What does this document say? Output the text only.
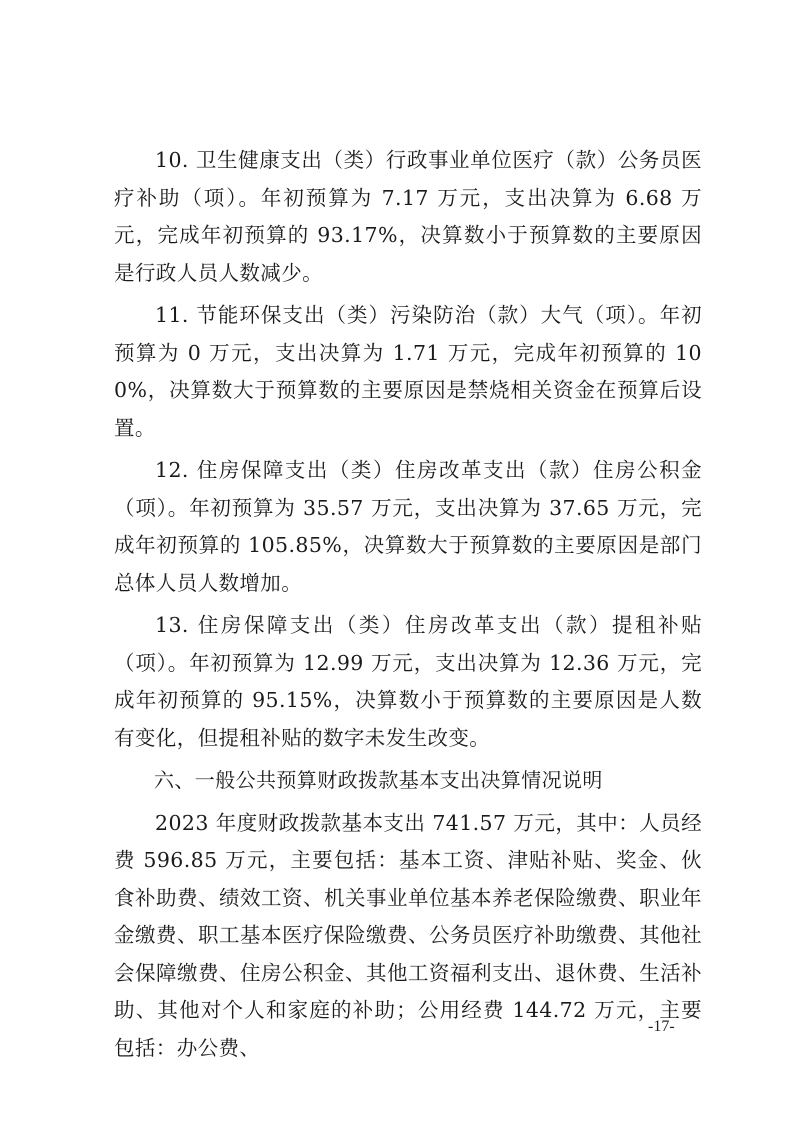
10. 卫生健康支出（类）行政事业单位医疗（款）公务员医疗补助（项）。年初预算为 7.17 万元，支出决算为 6.68 万元，完成年初预算的 93.17%，决算数小于预算数的主要原因是行政人员人数减少。

11. 节能环保支出（类）污染防治（款）大气（项）。年初预算为 0 万元，支出决算为 1.71 万元，完成年初预算的 100%，决算数大于预算数的主要原因是禁烧相关资金在预算后设置。

12. 住房保障支出（类）住房改革支出（款）住房公积金（项）。年初预算为 35.57 万元，支出决算为 37.65 万元，完成年初预算的 105.85%，决算数大于预算数的主要原因是部门总体人员人数增加。

13. 住房保障支出（类）住房改革支出（款）提租补贴（项）。年初预算为 12.99 万元，支出决算为 12.36 万元，完成年初预算的 95.15%，决算数小于预算数的主要原因是人数有变化，但提租补贴的数字未发生改变。

六、一般公共预算财政拨款基本支出决算情况说明

2023 年度财政拨款基本支出 741.57 万元，其中：人员经费 596.85 万元，主要包括：基本工资、津贴补贴、奖金、伙食补助费、绩效工资、机关事业单位基本养老保险缴费、职业年金缴费、职工基本医疗保险缴费、公务员医疗补助缴费、其他社会保障缴费、住房公积金、其他工资福利支出、退休费、生活补助、其他对个人和家庭的补助；公用经费 144.72 万元，主要包括：办公费、

-17-
